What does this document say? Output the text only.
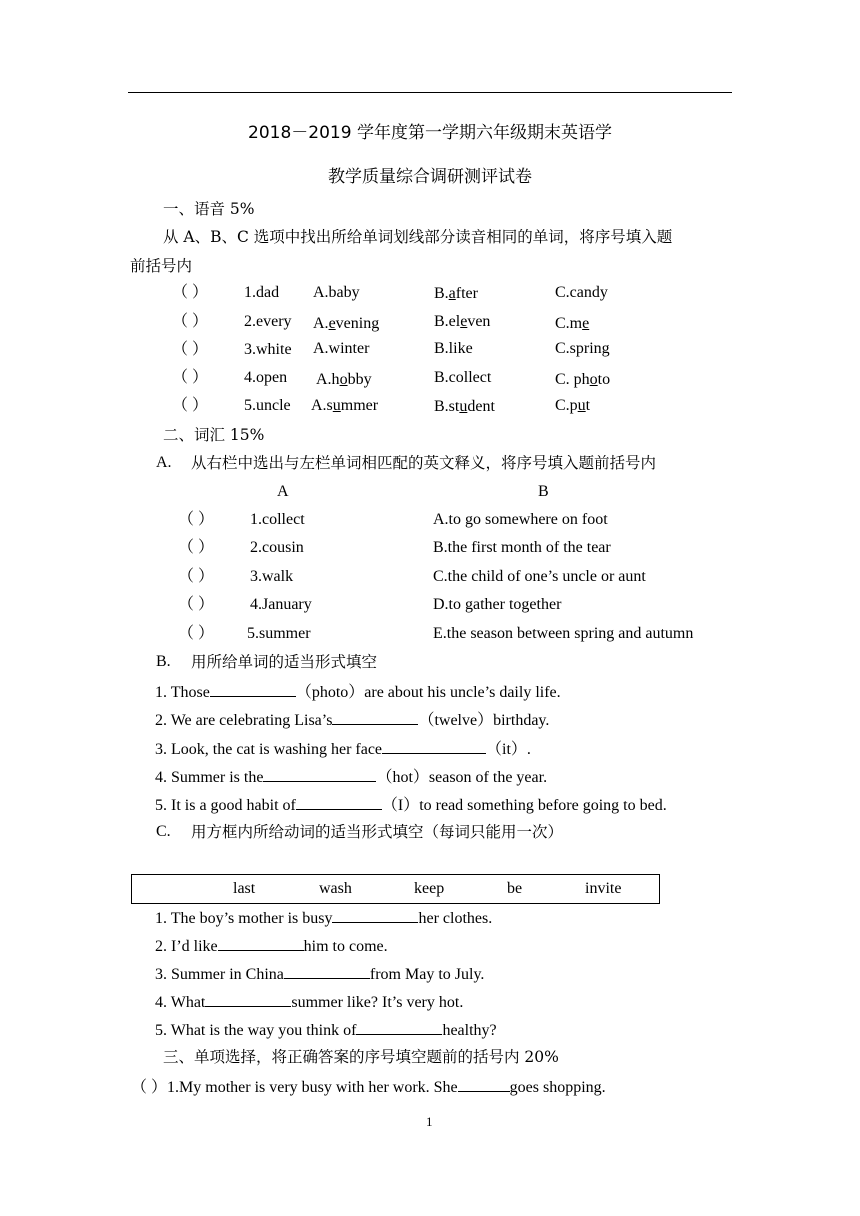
2018－2019 学年度第一学期六年级期末英语学
教学质量综合调研测评试卷
一、语音 5%
从 A、B、C 选项中找出所给单词划线部分读音相同的单词，将序号填入题
前括号内
（ ） 1.dad A.baby	B.after	C.candy
（ ） 2.every A.evening	B.eleven	C.me
（ ） 3.white A.winter	B.like	C.spring
（ ） 4.open A.hobby	B.collect	C. photo
（ ） 5.uncle A.summer	B.student	C.put
二、词汇 15%
A. 从右栏中选出与左栏单词相匹配的英文释义，将序号填入题前括号内
A	B
（ ） 1.collect	A.to go somewhere on foot
（ ） 2.cousin	B.the first month of the tear
（ ） 3.walk	C.the child of one’s uncle or aunt
（ ） 4.January	D.to gather together
（ ） 5.summer	E.the season between spring and autumn
B. 用所给单词的适当形式填空
1. Those	（photo）are about his uncle’s daily life.
2. We are celebrating Lisa’s	（twelve）birthday.
3. Look, the cat is washing her face	（it）.
4. Summer is the	（hot）season of the year.
5. It is a good habit of	（I）to read something before going to bed.
C. 用方框内所给动词的适当形式填空（每词只能用一次）
last	wash	keep	be	invite
1. The boy’s mother is busy	her clothes.
2. I’d like	him to come.
3. Summer in China	from May to July.
4. What	summer like? It’s very hot.
5. What is the way you think of	healthy?
三、单项选择，将正确答案的序号填空题前的括号内 20%
（ ）1.My mother is very busy with her work. She	goes shopping.
1
